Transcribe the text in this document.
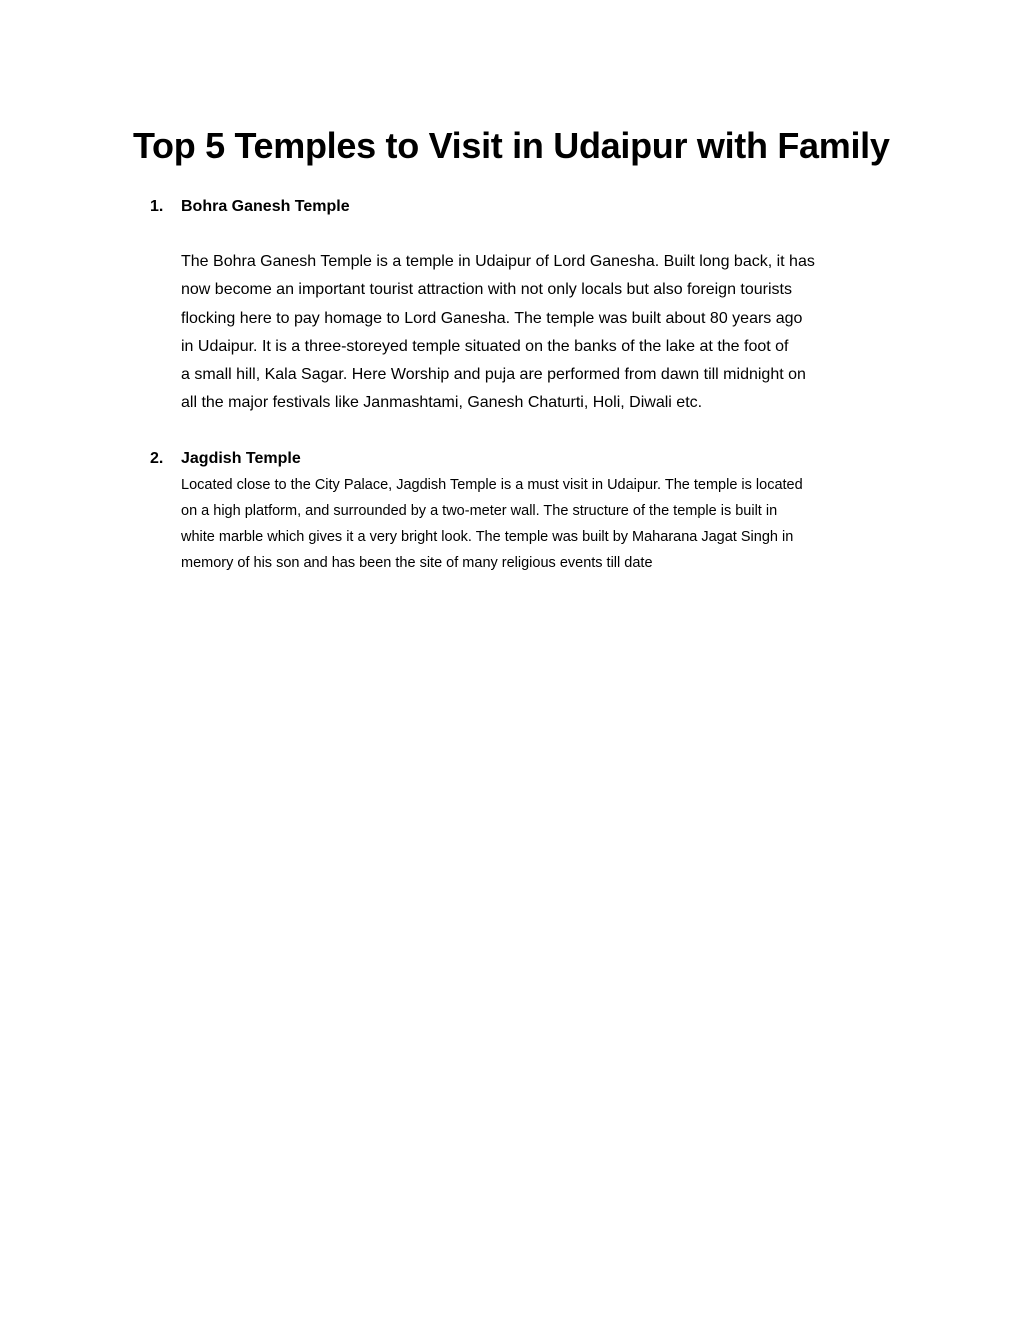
Top 5 Temples to Visit in Udaipur with Family
1.	Bohra Ganesh Temple
The Bohra Ganesh Temple is a temple in Udaipur of Lord Ganesha. Built long back, it has
now become an important tourist attraction with not only locals but also foreign tourists
flocking here to pay homage to Lord Ganesha. The temple was built about 80 years ago
in Udaipur. It is a three-storeyed temple situated on the banks of the lake at the foot of
a small hill, Kala Sagar. Here Worship and puja are performed from dawn till midnight on
all the major festivals like Janmashtami, Ganesh Chaturti, Holi, Diwali etc.
2.	Jagdish Temple
Located close to the City Palace, Jagdish Temple is a must visit in Udaipur. The temple is located
on a high platform, and surrounded by a two-meter wall. The structure of the temple is built in
white marble which gives it a very bright look. The temple was built by Maharana Jagat Singh in
memory of his son and has been the site of many religious events till date
